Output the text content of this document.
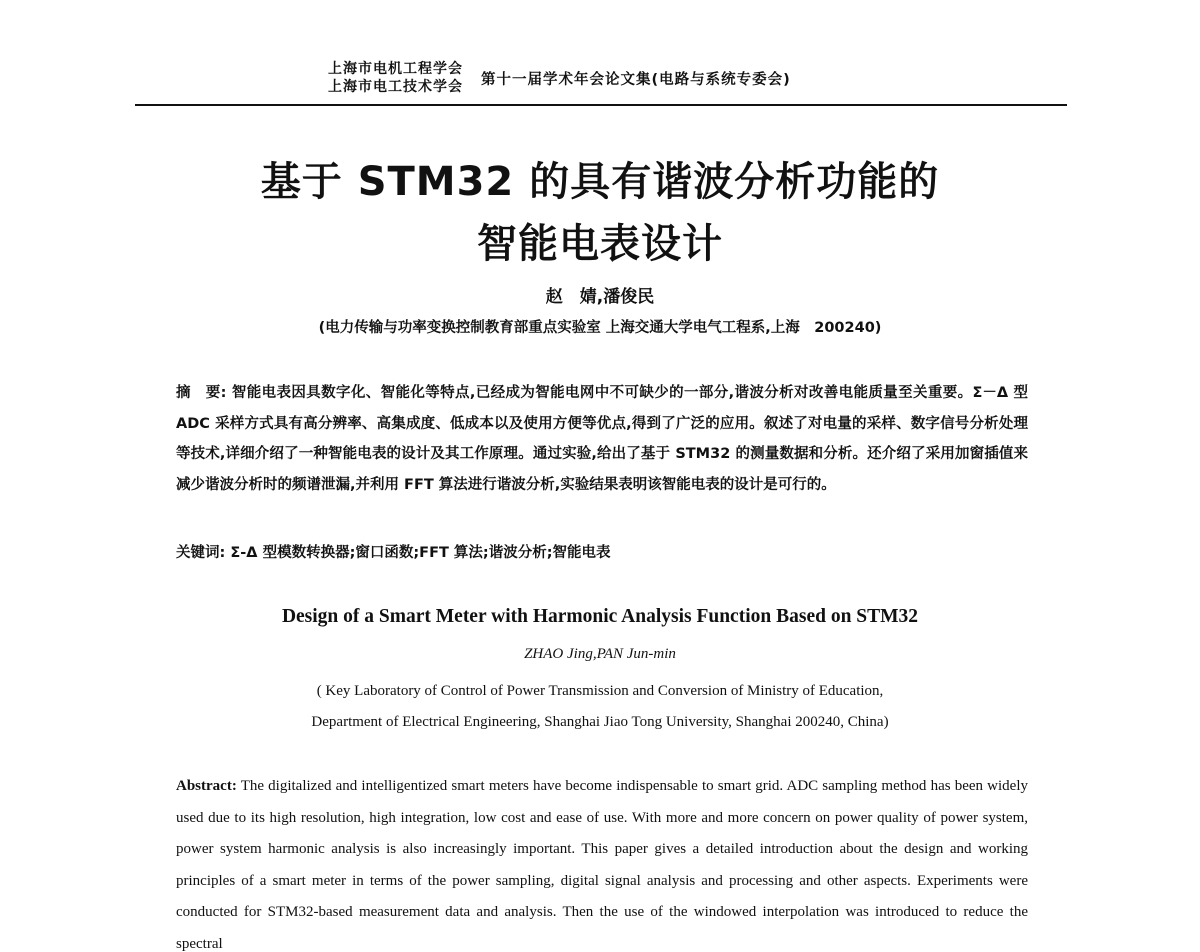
上海市电机工程学会
上海市电工技术学会 第十一届学术年会论文集(电路与系统专委会)
基于 STM32 的具有谐波分析功能的
智能电表设计
赵　婧,潘俊民
(电力传输与功率变换控制教育部重点实验室 上海交通大学电气工程系,上海　200240)
摘　要: 智能电表因具数字化、智能化等特点,已经成为智能电网中不可缺少的一部分,谐波分析对改善电能质量至关重要。Σ－Δ 型 ADC 采样方式具有高分辨率、高集成度、低成本以及使用方便等优点,得到了广泛的应用。叙述了对电量的采样、数字信号分析处理等技术,详细介绍了一种智能电表的设计及其工作原理。通过实验,给出了基于 STM32 的测量数据和分析。还介绍了采用加窗插值来减少谐波分析时的频谱泄漏,并利用 FFT 算法进行谐波分析,实验结果表明该智能电表的设计是可行的。
关键词: Σ-Δ 型模数转换器;窗口函数;FFT 算法;谐波分析;智能电表
Design of a Smart Meter with Harmonic Analysis Function Based on STM32
ZHAO Jing,PAN Jun-min
( Key Laboratory of Control of Power Transmission and Conversion of Ministry of Education,
Department of Electrical Engineering, Shanghai Jiao Tong University, Shanghai 200240, China)
Abstract: The digitalized and intelligentized smart meters have become indispensable to smart grid. ADC sampling method has been widely used due to its high resolution, high integration, low cost and ease of use. With more and more concern on power quality of power system, power system harmonic analysis is also increasingly important. This paper gives a detailed introduction about the design and working principles of a smart meter in terms of the power sampling, digital signal analysis and processing and other aspects. Experiments were conducted for STM32-based measurement data and analysis. Then the use of the windowed interpolation was introduced to reduce the spectral
